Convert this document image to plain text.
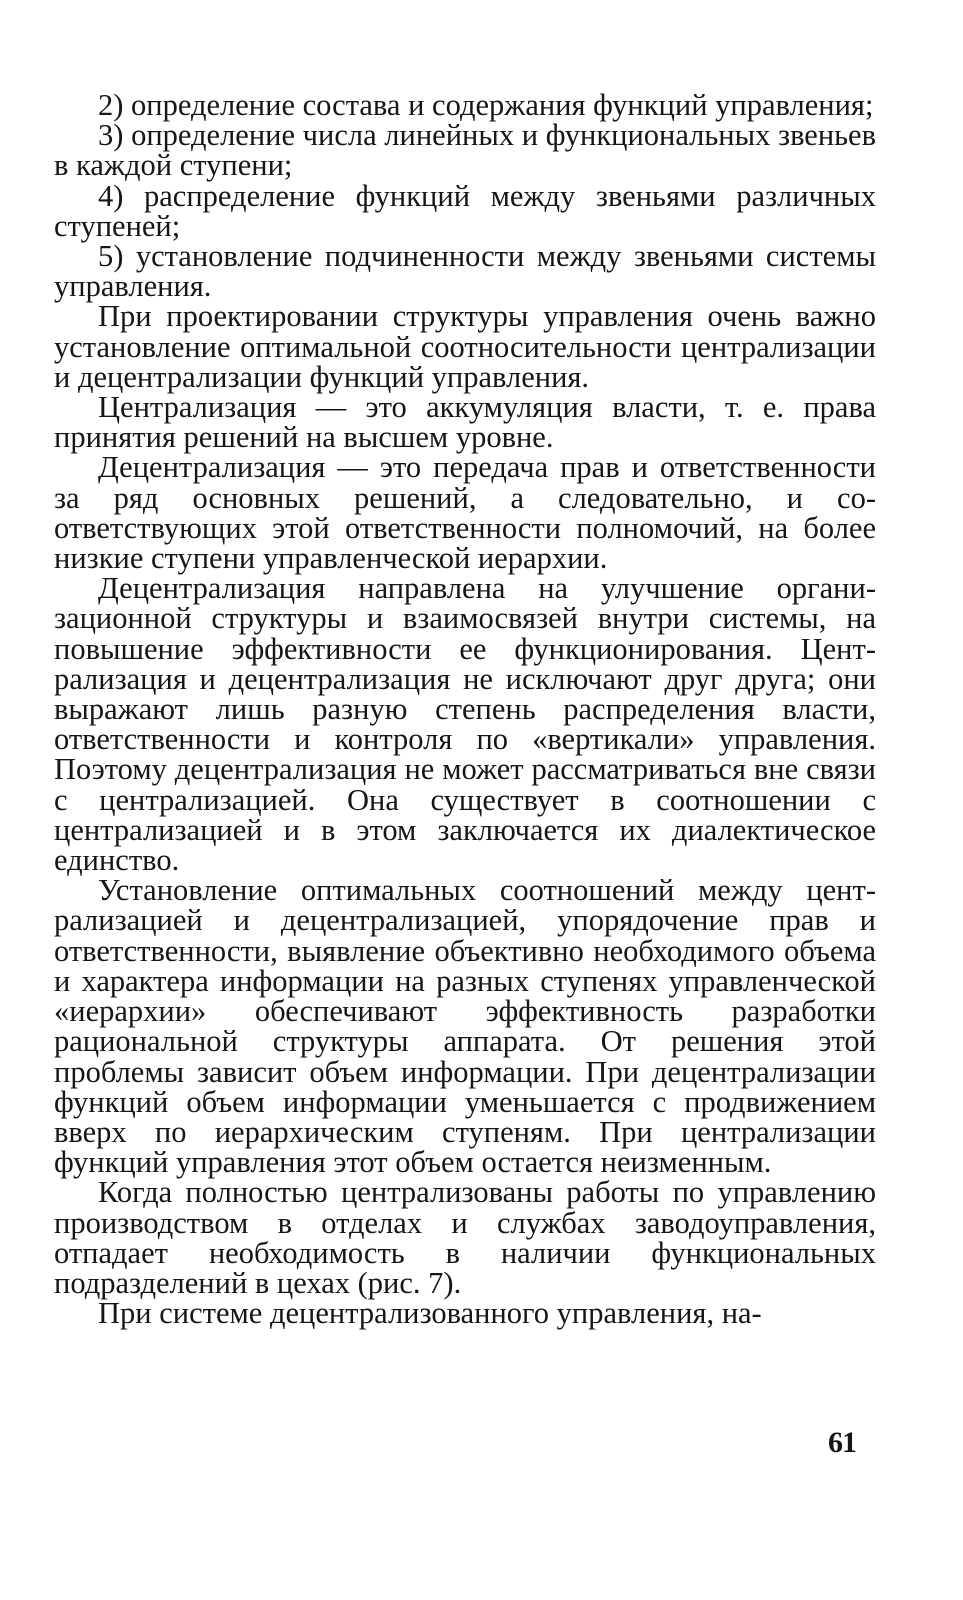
2) определение состава и содержания функций управления;

3) определение числа линейных и функциональных звеньев в каждой ступени;

4) распределение функций между звеньями различных ступеней;

5) установление подчиненности между звеньями системы управления.

При проектировании структуры управления очень важно установление оптимальной соотносительности централизации и децентрализации функций управления.

Централизация — это аккумуляция власти, т. е. права принятия решений на высшем уровне.

Децентрализация — это передача прав и ответственности за ряд основных решений, а следовательно, и соответствующих этой ответственности полномочий, на более низкие ступени управленческой иерархии.

Децентрализация направлена на улучшение организационной структуры и взаимосвязей внутри системы, на повышение эффективности ее функционирования. Централизация и децентрализация не исключают друг друга; они выражают лишь разную степень распределения власти, ответственности и контроля по «вертикали» управления. Поэтому децентрализация не может рассматриваться вне связи с централизацией. Она существует в соотношении с централизацией и в этом заключается их диалектическое единство.

Установление оптимальных соотношений между централизацией и децентрализацией, упорядочение прав и ответственности, выявление объективно необходимого объема и характера информации на разных ступенях управленческой «иерархии» обеспечивают эффективность разработки рациональной структуры аппарата. От решения этой проблемы зависит объем информации. При децентрализации функций объем информации уменьшается с продвижением вверх по иерархическим ступеням. При централизации функций управления этот объем остается неизменным.

Когда полностью централизованы работы по управлению производством в отделах и службах заводоуправления, отпадает необходимость в наличии функциональных подразделений в цехах (рис. 7).

При системе децентрализованного управления, на-

61
